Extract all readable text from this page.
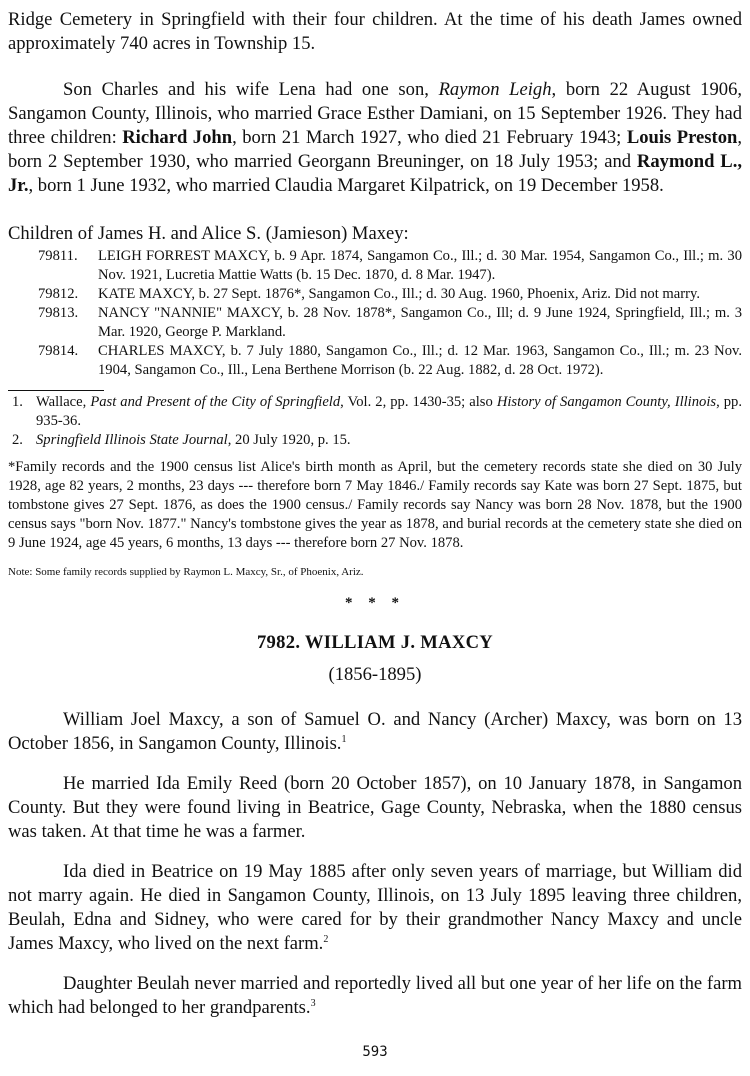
Ridge Cemetery in Springfield with their four children. At the time of his death James owned approximately 740 acres in Township 15.

Son Charles and his wife Lena had one son, Raymon Leigh, born 22 August 1906, Sangamon County, Illinois, who married Grace Esther Damiani, on 15 September 1926. They had three children: Richard John, born 21 March 1927, who died 21 February 1943; Louis Preston, born 2 September 1930, who married Georgann Breuninger, on 18 July 1953; and Raymond L., Jr., born 1 June 1932, who married Claudia Margaret Kilpatrick, on 19 December 1958.

Children of James H. and Alice S. (Jamieson) Maxey:

79811.	LEIGH FORREST MAXCY, b. 9 Apr. 1874, Sangamon Co., Ill.; d. 30 Mar. 1954, Sangamon Co., Ill.; m. 30 Nov. 1921, Lucretia Mattie Watts (b. 15 Dec. 1870, d. 8 Mar. 1947).
79812.	KATE MAXCY, b. 27 Sept. 1876*, Sangamon Co., Ill.; d. 30 Aug. 1960, Phoenix, Ariz. Did not marry.
79813.	NANCY "NANNIE" MAXCY, b. 28 Nov. 1878*, Sangamon Co., Ill; d. 9 June 1924, Springfield, Ill.; m. 3 Mar. 1920, George P. Markland.
79814.	CHARLES MAXCY, b. 7 July 1880, Sangamon Co., Ill.; d. 12 Mar. 1963, Sangamon Co., Ill.; m. 23 Nov. 1904, Sangamon Co., Ill., Lena Berthene Morrison (b. 22 Aug. 1882, d. 28 Oct. 1972).
1. Wallace, Past and Present of the City of Springfield, Vol. 2, pp. 1430-35; also History of Sangamon County, Illinois, pp. 935-36.
2. Springfield Illinois State Journal, 20 July 1920, p. 15.

*Family records and the 1900 census list Alice's birth month as April, but the cemetery records state she died on 30 July 1928, age 82 years, 2 months, 23 days --- therefore born 7 May 1846./ Family records say Kate was born 27 Sept. 1875, but tombstone gives 27 Sept. 1876, as does the 1900 census./ Family records say Nancy was born 28 Nov. 1878, but the 1900 census says "born Nov. 1877." Nancy's tombstone gives the year as 1878, and burial records at the cemetery state she died on 9 June 1924, age 45 years, 6 months, 13 days --- therefore born 27 Nov. 1878.

Note: Some family records supplied by Raymon L. Maxcy, Sr., of Phoenix, Ariz.

* * *
7982. WILLIAM J. MAXCY
(1856-1895)

William Joel Maxcy, a son of Samuel O. and Nancy (Archer) Maxcy, was born on 13 October 1856, in Sangamon County, Illinois.$^1$

He married Ida Emily Reed (born 20 October 1857), on 10 January 1878, in Sangamon County. But they were found living in Beatrice, Gage County, Nebraska, when the 1880 census was taken. At that time he was a farmer.

Ida died in Beatrice on 19 May 1885 after only seven years of marriage, but William did not marry again. He died in Sangamon County, Illinois, on 13 July 1895 leaving three children, Beulah, Edna and Sidney, who were cared for by their grandmother Nancy Maxcy and uncle James Maxcy, who lived on the next farm.$^2$

Daughter Beulah never married and reportedly lived all but one year of her life on the farm which had belonged to her grandparents.$^3$

593
